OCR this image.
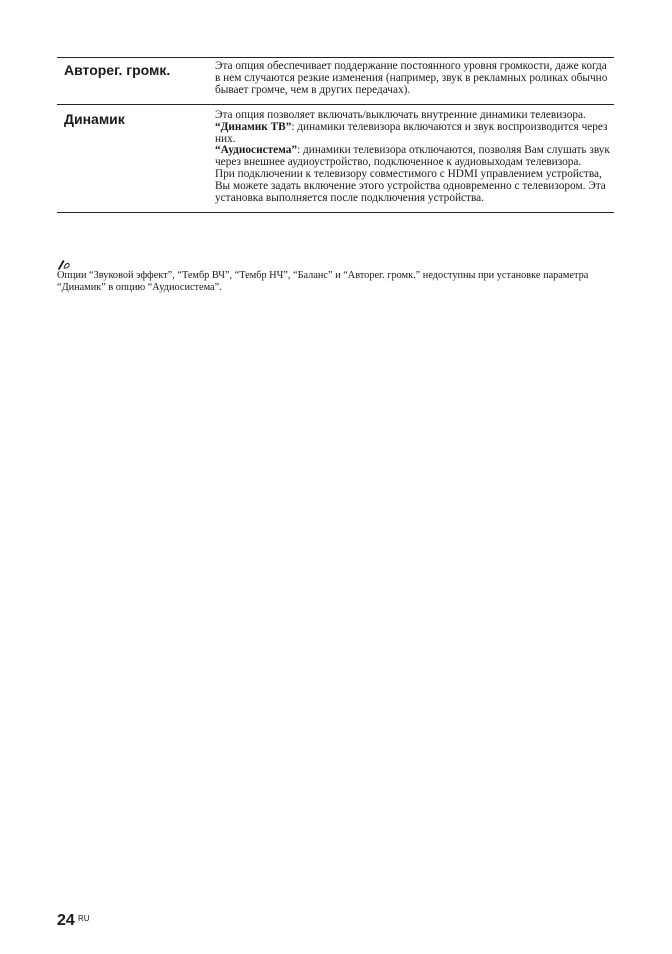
Авторег. громк.	Эта опция обеспечивает поддержание постоянного уровня громкости, даже когда в нем случаются резкие изменения (например, звук в рекламных роликах обычно бывает громче, чем в других передачах).
Динамик	Эта опция позволяет включать/выключать внутренние динамики телевизора.
“Динамик ТВ”: динамики телевизора включаются и звук воспроизводится через них.
“Аудиосистема”: динамики телевизора отключаются, позволяя Вам слушать звук через внешнее аудиоустройство, подключенное к аудиовыходам телевизора.
При подключении к телевизору совместимого с HDMI управлением устройства, Вы можете задать включение этого устройства одновременно с телевизором. Эта установка выполняется после подключения устройства.
Опции “Звуковой эффект”, “Тембр ВЧ”, “Тембр НЧ”, “Баланс” и “Авторег. громк.” недоступны при установке параметра “Динамик” в опцию “Аудиосистема”.
24 RU
